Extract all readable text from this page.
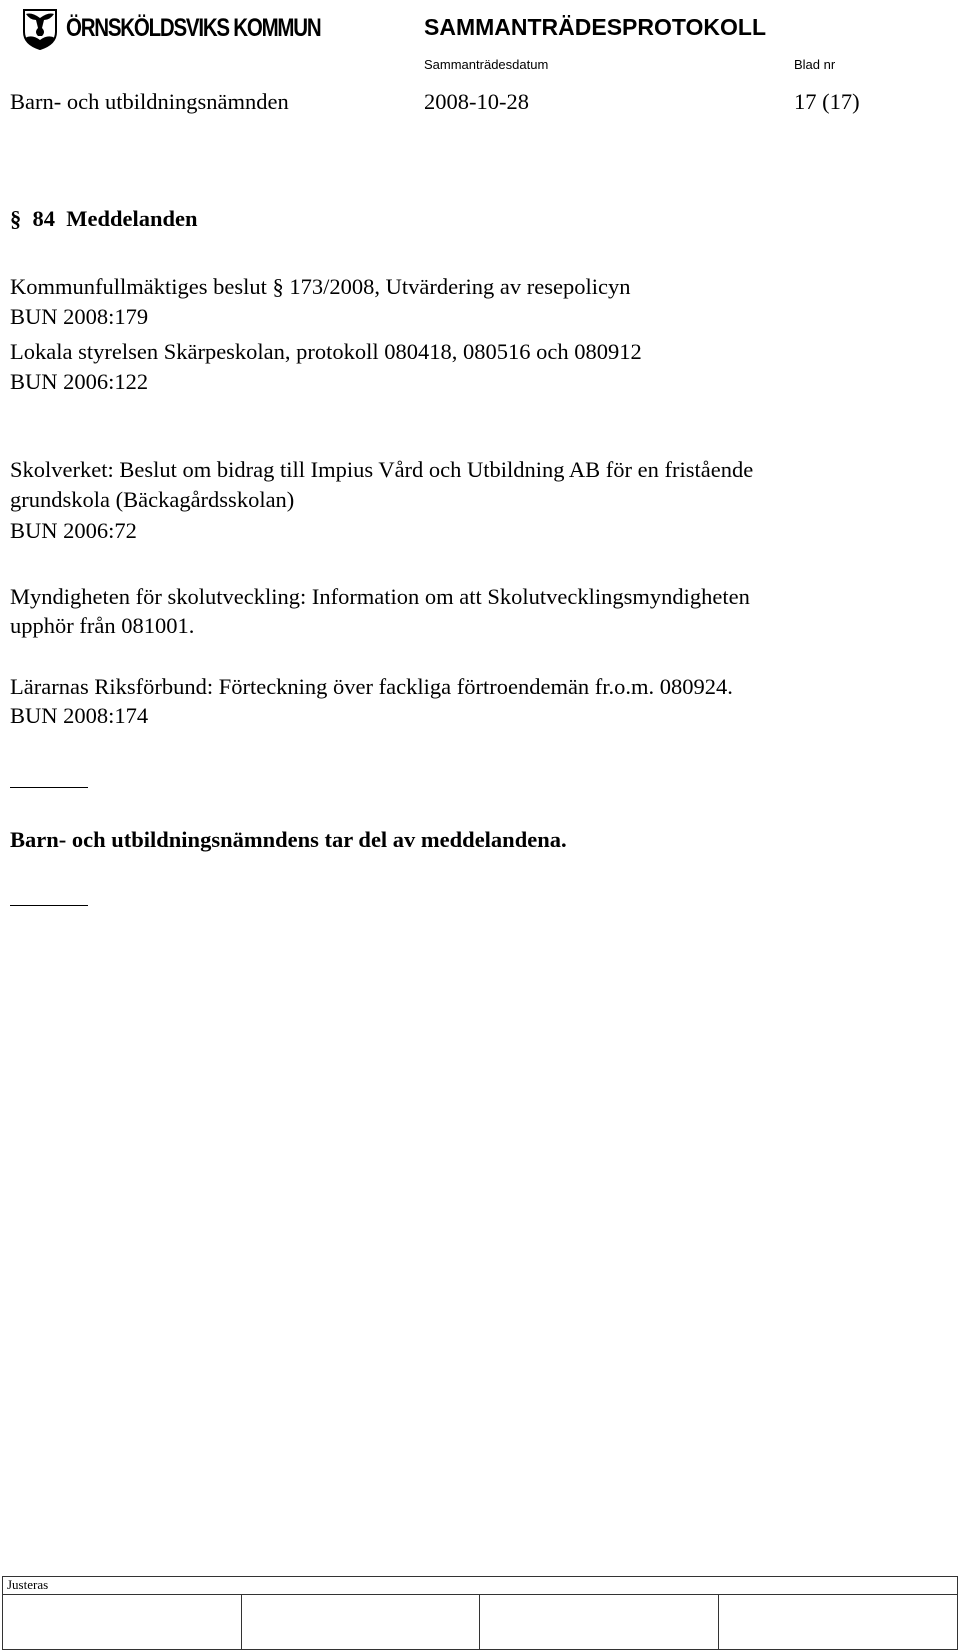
ÖRNSKÖLDSVIKS KOMMUN	SAMMANTRÄDESPROTOKOLL
Sammanträdesdatum	Blad nr
Barn- och utbildningsnämnden	2008-10-28	17 (17)
§ 84 Meddelanden
Kommunfullmäktiges beslut § 173/2008, Utvärdering av resepolicyn
BUN 2008:179
Lokala styrelsen Skärpeskolan, protokoll 080418, 080516 och 080912
BUN 2006:122
Skolverket: Beslut om bidrag till Impius Vård och Utbildning AB för en fristående
grundskola (Bäckagårdsskolan)
BUN 2006:72
Myndigheten för skolutveckling: Information om att Skolutvecklingsmyndigheten
upphör från 081001.
Lärarnas Riksförbund: Förteckning över fackliga förtroendemän fr.o.m. 080924.
BUN 2008:174
Barn- och utbildningsnämndens tar del av meddelandena.
Justeras
